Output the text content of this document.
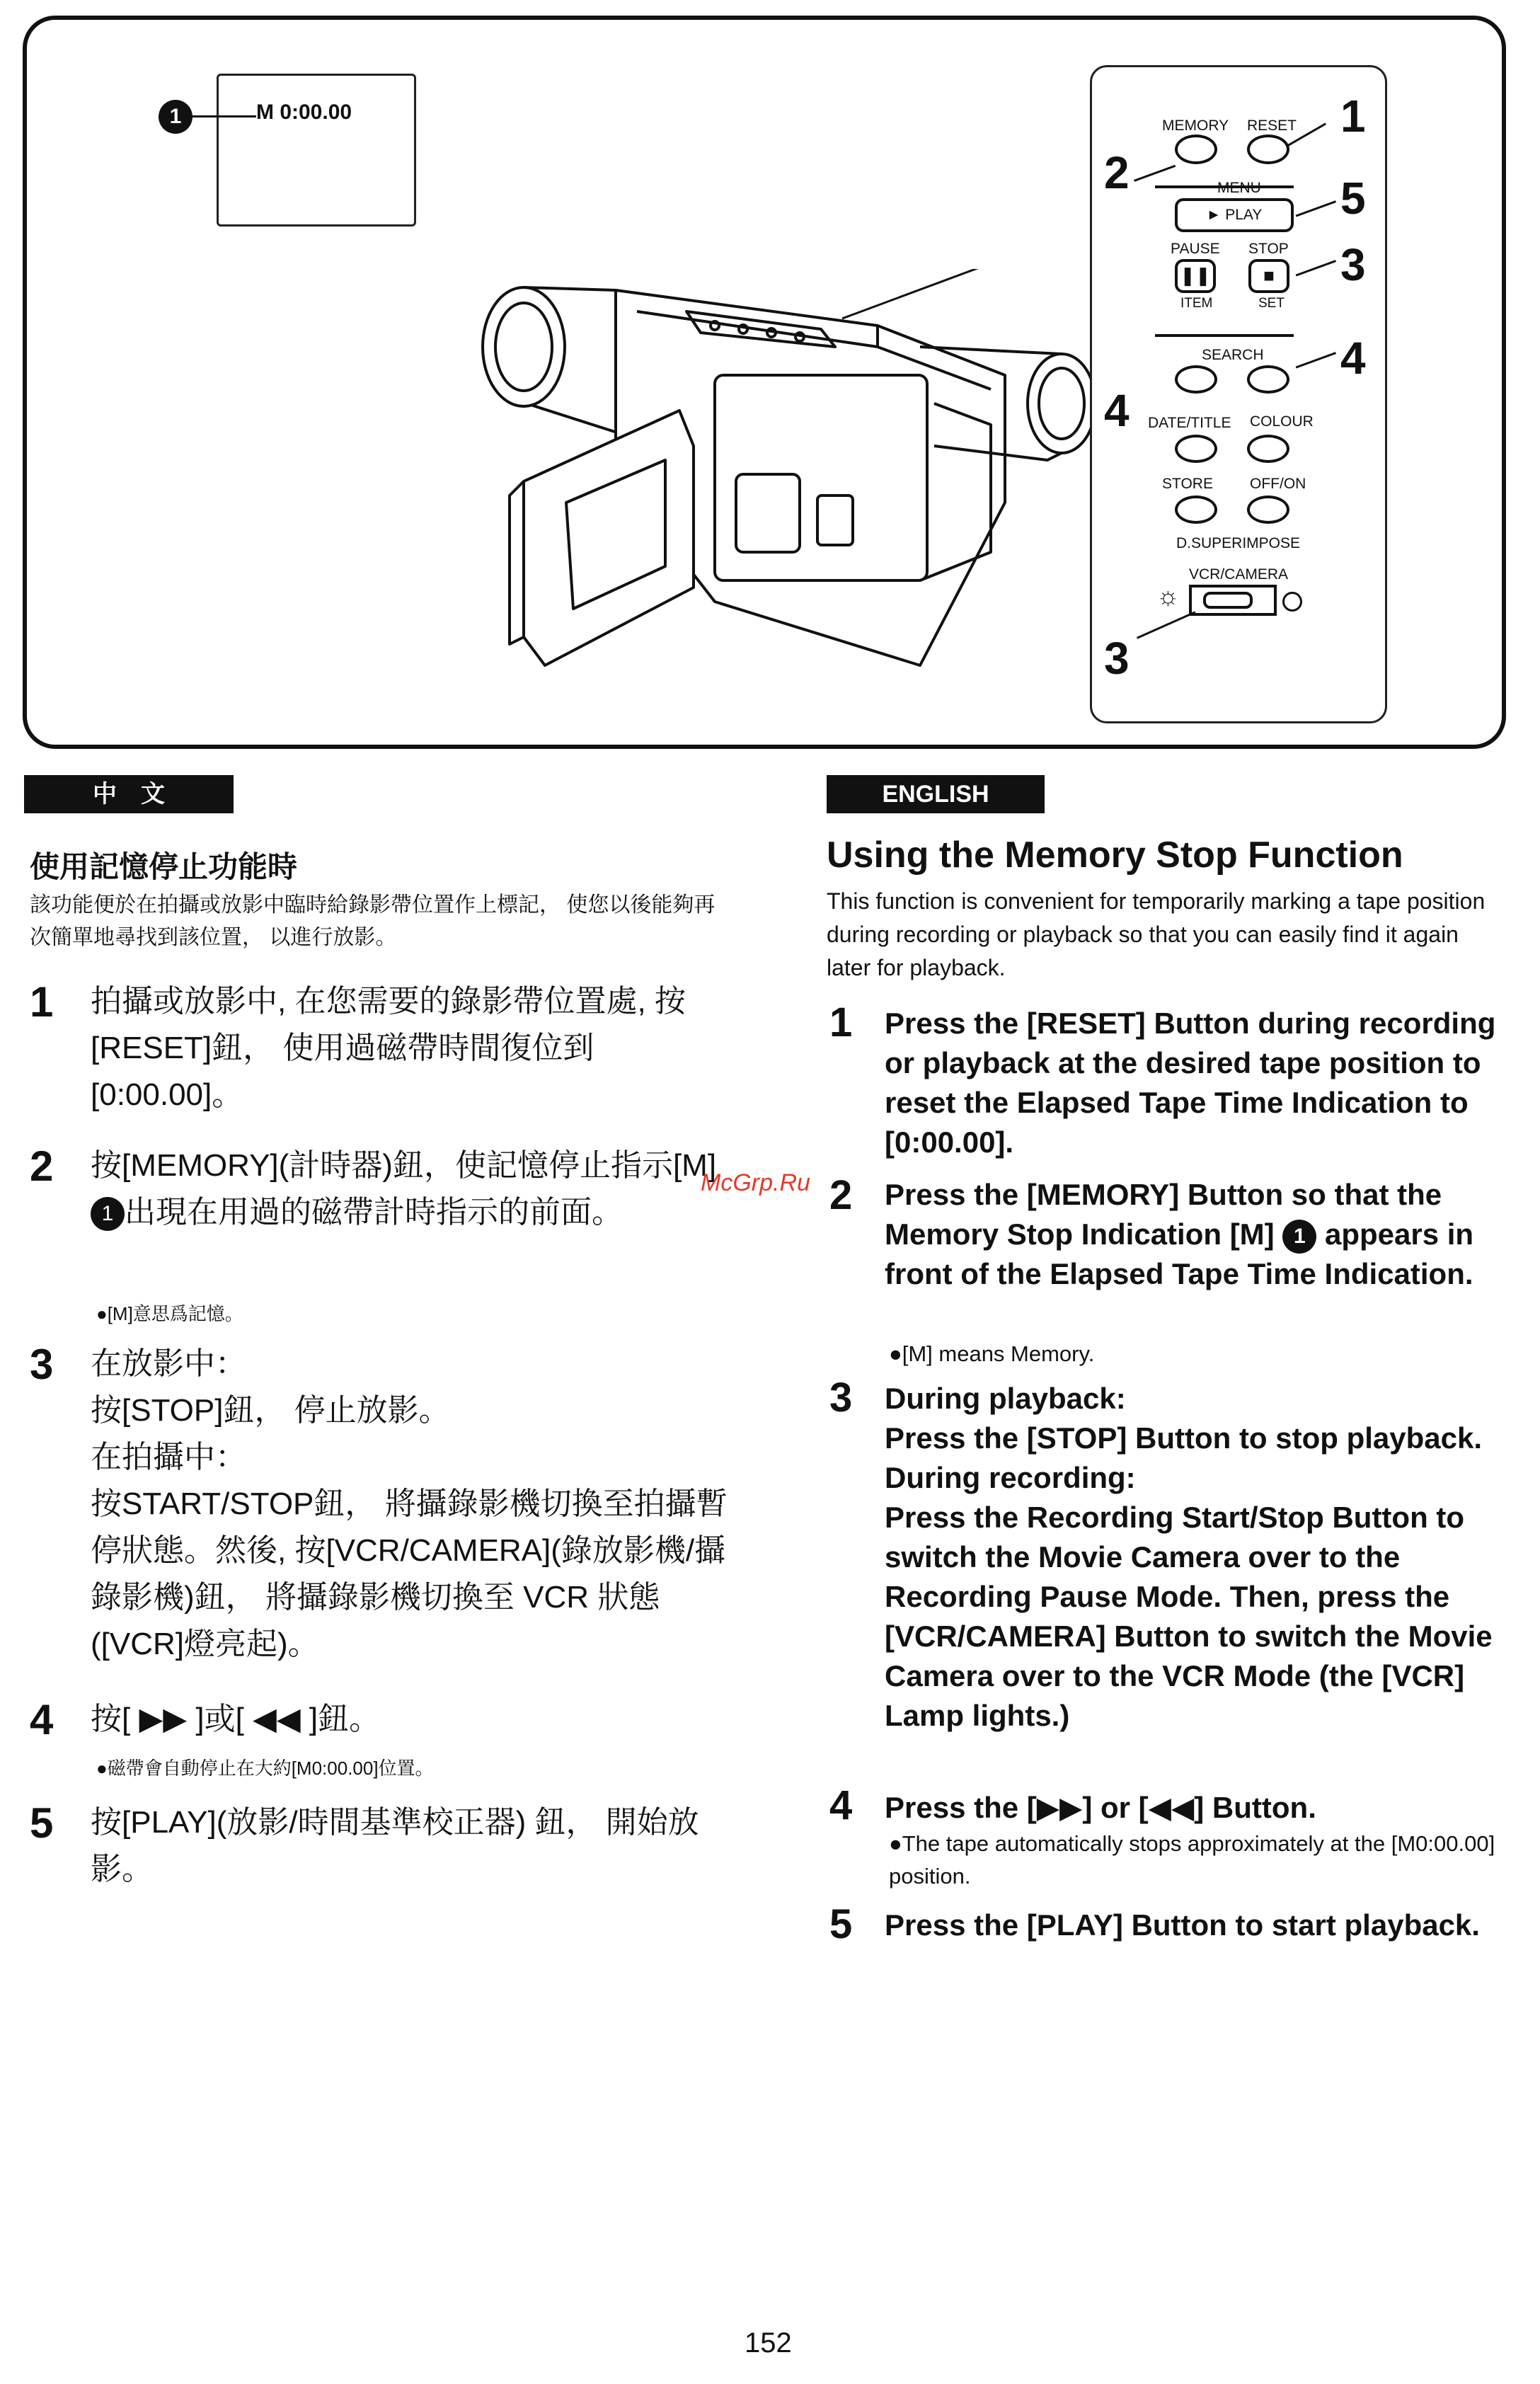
M 0:00.00
1	MEMORY RESET
► PLAY
PAUSE STOP
❚❚	■
ITEM	SET
SEARCH
DATE/TITLE COLOUR
STORE OFF/ON
D.SUPERIMPOSE
VCR/CAMERA
☼
1
2	5
3
4
4
3
中　文	ENGLISH
使用記憶停止功能時
該功能便於在拍攝或放影中臨時給錄影帶位置作上標記， 使您以後能夠再次簡單地尋找到該位置， 以進行放影。
1 拍攝或放影中, 在您需要的錄影帶位置處, 按[RESET]鈕， 使用過磁帶時間復位到[0:00.00]。
2 按[MEMORY](計時器)鈕，使記憶停止指示[M]1 出現在用過的磁帶計時指示的前面。
●[M]意思爲記憶。
3 在放影中：
按[STOP]鈕， 停止放影。
在拍攝中：
按START/STOP鈕， 將攝錄影機切換至拍攝暫停狀態。然後, 按[VCR/CAMERA](錄放影機/攝錄影機)鈕， 將攝錄影機切換至 VCR 狀態([VCR]燈亮起)。
4 按[ ▶▶ ]或[ ◀◀ ]鈕。
●磁帶會自動停止在大約[M0:00.00]位置。
5 按[PLAY](放影/時間基準校正器) 鈕， 開始放影。
Using the Memory Stop Function
This function is convenient for temporarily marking a tape position during recording or playback so that you can easily find it again later for playback.
1 Press the [RESET] Button during recording or playback at the desired tape position to reset the Elapsed Tape Time Indication to [0:00.00].
2 Press the [MEMORY] Button so that the Memory Stop Indication [M] 1 appears in front of the Elapsed Tape Time Indication.
●[M] means Memory.
3 During playback:
Press the [STOP] Button to stop playback.
During recording:
Press the Recording Start/Stop Button to switch the Movie Camera over to the Recording Pause Mode. Then, press the [VCR/CAMERA] Button to switch the Movie Camera over to the VCR Mode (the [VCR] Lamp lights.)
4 Press the [▶▶] or [◀◀] Button.
●The tape automatically stops approximately at the [M0:00.00] position.
5 Press the [PLAY] Button to start playback.
McGrp.Ru
152
